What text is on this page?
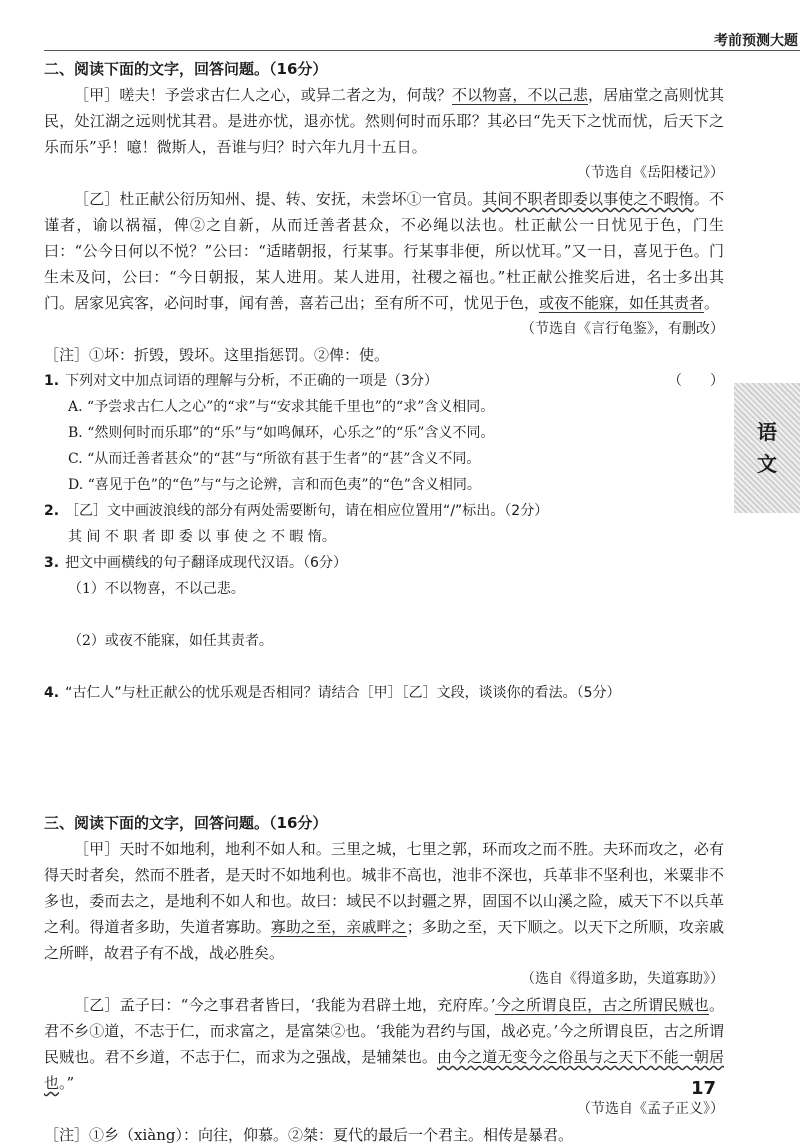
考前预测大题
语
文
二、阅读下面的文字，回答问题。（16分）

［甲］嗟夫！予尝求古仁人之心，或异二者之为，何哉？不以物喜，不以己悲，居庙堂之高则忧其民，处江湖之远则忧其君。是进亦忧，退亦忧。然则何时而乐耶？其必曰“先天下之忧而忧，后天下之乐而乐”乎！噫！微斯人，吾谁与归？时六年九月十五日。

（节选自《岳阳楼记》）

［乙］杜正献公衍历知州、提、转、安抚，未尝坏①一官员。其间不职者即委以事使之不暇惰。不谨者，谕以祸福，俾②之自新，从而迁善者甚众，不必绳以法也。杜正献公一日忧见于色，门生曰：“公今日何以不悦？”公曰：“适睹朝报，行某事。行某事非便，所以忧耳。”又一日，喜见于色。门生未及问，公曰：“今日朝报，某人进用。某人进用，社稷之福也。”杜正献公推奖后进，名士多出其门。居家见宾客，必问时事，闻有善，喜若己出；至有所不可，忧见于色，或夜不能寐，如任其责者。

（节选自《言行龟鉴》，有删改）

［注］①坏：折毁，毁坏。这里指惩罚。②俾：使。

1. 下列对文中加点词语的理解与分析，不正确的一项是（3分）	（　　）
A. “予尝求古仁人之心”的“求”与“安求其能千里也”的“求”含义相同。
B. “然则何时而乐耶”的“乐”与“如鸣佩环，心乐之”的“乐”含义不同。
C. “从而迁善者甚众”的“甚”与“所欲有甚于生者”的“甚”含义不同。
D. “喜见于色”的“色”与“与之论辨，言和而色夷”的“色”含义相同。
2. ［乙］文中画波浪线的部分有两处需要断句，请在相应位置用“/”标出。（2分）
其 间 不 职 者 即 委 以 事 使 之 不 暇 惰。
3. 把文中画横线的句子翻译成现代汉语。（6分）
（1）不以物喜，不以己悲。
（2）或夜不能寐，如任其责者。
4. “古仁人”与杜正献公的忧乐观是否相同？请结合［甲］［乙］文段，谈谈你的看法。（5分）
三、阅读下面的文字，回答问题。（16分）

［甲］天时不如地利，地利不如人和。三里之城，七里之郭，环而攻之而不胜。夫环而攻之，必有得天时者矣，然而不胜者，是天时不如地利也。城非不高也，池非不深也，兵革非不坚利也，米粟非不多也，委而去之，是地利不如人和也。故曰：域民不以封疆之界，固国不以山溪之险，威天下不以兵革之利。得道者多助，失道者寡助。寡助之至，亲戚畔之；多助之至，天下顺之。以天下之所顺，攻亲戚之所畔，故君子有不战，战必胜矣。

（选自《得道多助，失道寡助》）

［乙］孟子曰：“今之事君者皆曰，‘我能为君辟土地，充府库。’今之所谓良臣，古之所谓民贼也。君不乡①道，不志于仁，而求富之，是富桀②也。‘我能为君约与国，战必克。’今之所谓良臣，古之所谓民贼也。君不乡道，不志于仁，而求为之强战，是辅桀也。由今之道无变今之俗虽与之天下不能一朝居也。”

（节选自《孟子正义》）

［注］①乡（xiàng）：向往，仰慕。②桀：夏代的最后一个君主。相传是暴君。

17
